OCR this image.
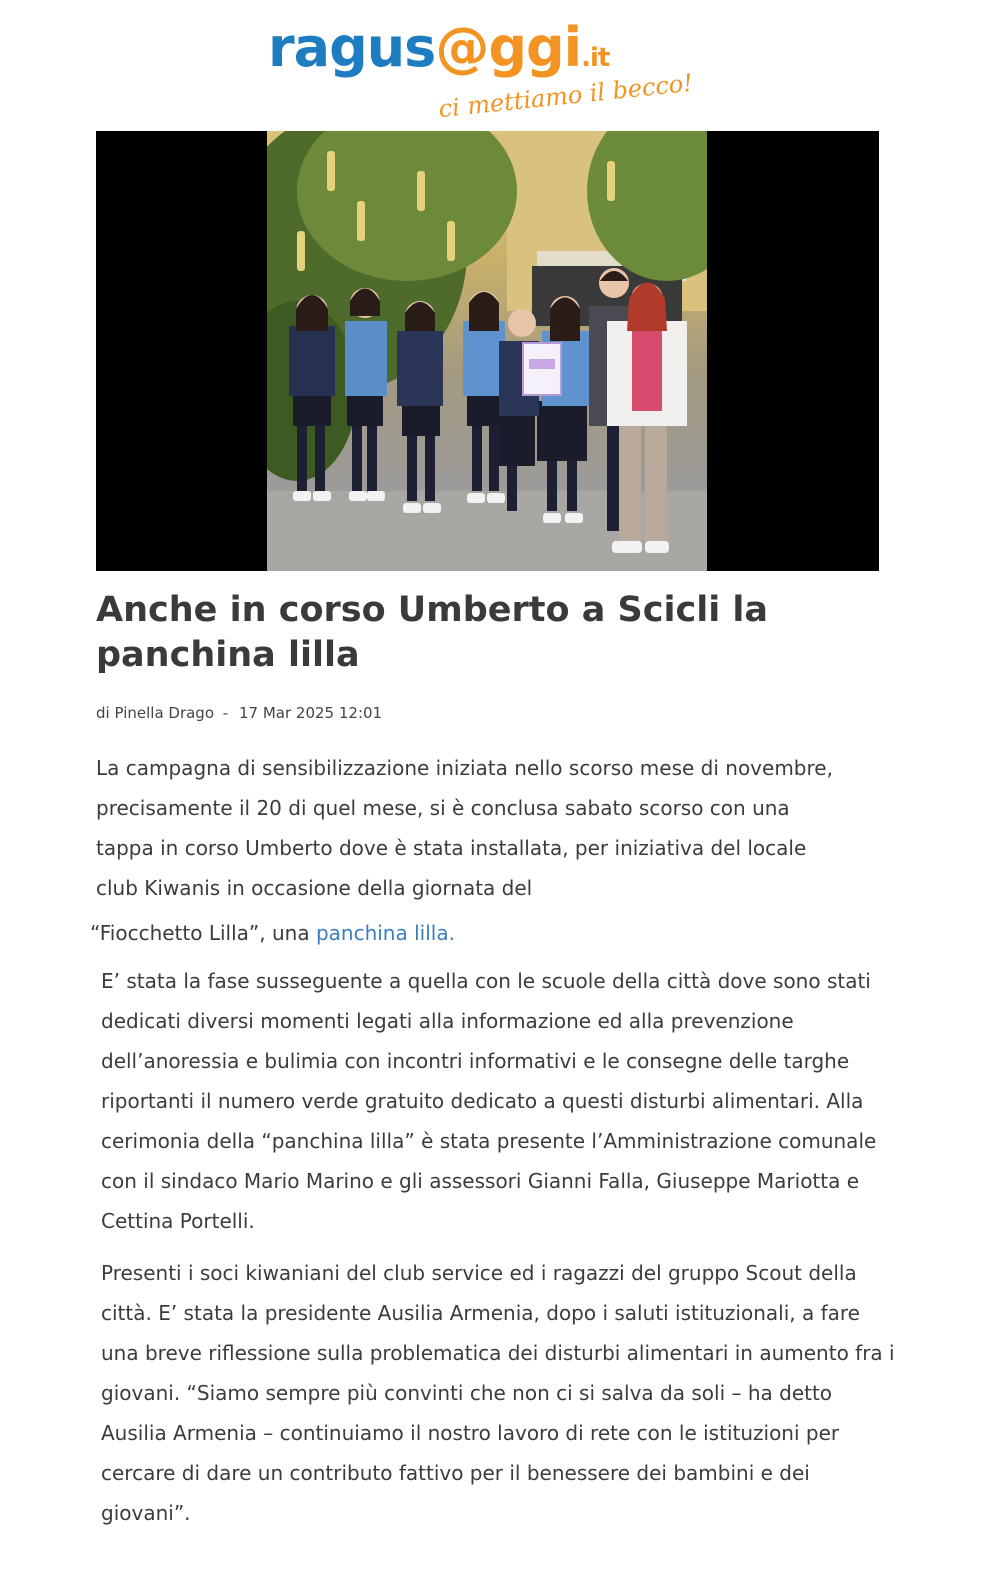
ragus@ggi.it
ci mettiamo il becco!
Anche in corso Umberto a Scicli la panchina lilla
di Pinella Drago - 17 Mar 2025 12:01

La campagna di sensibilizzazione iniziata nello scorso mese di novembre, precisamente il 20 di quel mese, si è conclusa sabato scorso con una tappa in corso Umberto dove è stata installata, per iniziativa del locale club Kiwanis in occasione della giornata del

“Fiocchetto Lilla”, una panchina lilla.

E’ stata la fase susseguente a quella con le scuole della città dove sono stati dedicati diversi momenti legati alla informazione ed alla prevenzione dell’anoressia e bulimia con incontri informativi e le consegne delle targhe riportanti il numero verde gratuito dedicato a questi disturbi alimentari. Alla cerimonia della “panchina lilla” è stata presente l’Amministrazione comunale con il sindaco Mario Marino e gli assessori Gianni Falla, Giuseppe Mariotta e Cettina Portelli.

Presenti i soci kiwaniani del club service ed i ragazzi del gruppo Scout della città. E’ stata la presidente Ausilia Armenia, dopo i saluti istituzionali, a fare una breve riflessione sulla problematica dei disturbi alimentari in aumento fra i giovani. “Siamo sempre più convinti che non ci si salva da soli – ha detto Ausilia Armenia – continuiamo il nostro lavoro di rete con le istituzioni per cercare di dare un contributo fattivo per il benessere dei bambini e dei giovani”.
